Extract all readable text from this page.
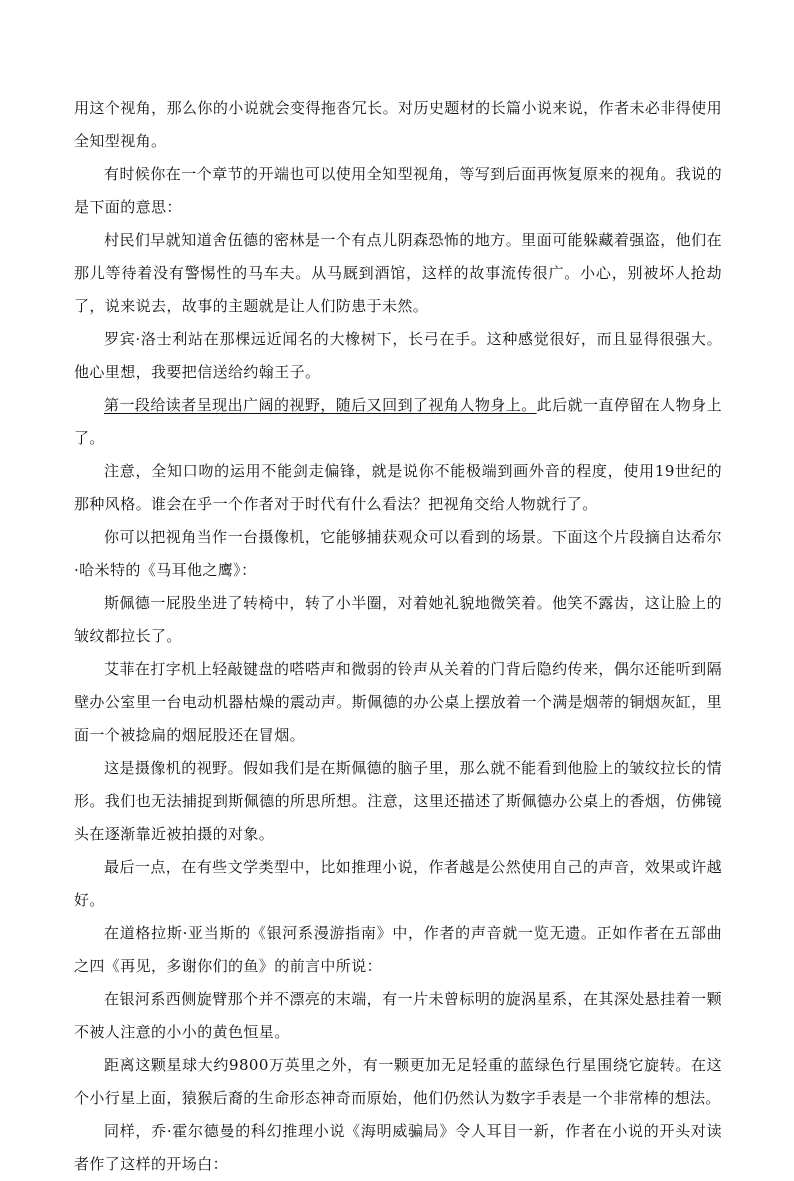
用这个视角，那么你的小说就会变得拖沓冗长。对历史题材的长篇小说来说，作者未必非得使用全知型视角。

有时候你在一个章节的开端也可以使用全知型视角，等写到后面再恢复原来的视角。我说的是下面的意思：

村民们早就知道舍伍德的密林是一个有点儿阴森恐怖的地方。里面可能躲藏着强盗，他们在那儿等待着没有警惕性的马车夫。从马厩到酒馆，这样的故事流传很广。小心，别被坏人抢劫了，说来说去，故事的主题就是让人们防患于未然。

罗宾·洛士利站在那棵远近闻名的大橡树下，长弓在手。这种感觉很好，而且显得很强大。他心里想，我要把信送给约翰王子。

第一段给读者呈现出广阔的视野，随后又回到了视角人物身上。此后就一直停留在人物身上了。

注意，全知口吻的运用不能剑走偏锋，就是说你不能极端到画外音的程度，使用19世纪的那种风格。谁会在乎一个作者对于时代有什么看法？把视角交给人物就行了。

你可以把视角当作一台摄像机，它能够捕获观众可以看到的场景。下面这个片段摘自达希尔·哈米特的《马耳他之鹰》：

斯佩德一屁股坐进了转椅中，转了小半圈，对着她礼貌地微笑着。他笑不露齿，这让脸上的皱纹都拉长了。

艾菲在打字机上轻敲键盘的嗒嗒声和微弱的铃声从关着的门背后隐约传来，偶尔还能听到隔壁办公室里一台电动机器枯燥的震动声。斯佩德的办公桌上摆放着一个满是烟蒂的铜烟灰缸，里面一个被捻扁的烟屁股还在冒烟。

这是摄像机的视野。假如我们是在斯佩德的脑子里，那么就不能看到他脸上的皱纹拉长的情形。我们也无法捕捉到斯佩德的所思所想。注意，这里还描述了斯佩德办公桌上的香烟，仿佛镜头在逐渐靠近被拍摄的对象。

最后一点，在有些文学类型中，比如推理小说，作者越是公然使用自己的声音，效果或许越好。

在道格拉斯·亚当斯的《银河系漫游指南》中，作者的声音就一览无遗。正如作者在五部曲之四《再见，多谢你们的鱼》的前言中所说：

在银河系西侧旋臂那个并不漂亮的末端，有一片未曾标明的旋涡星系，在其深处悬挂着一颗不被人注意的小小的黄色恒星。

距离这颗星球大约9800万英里之外，有一颗更加无足轻重的蓝绿色行星围绕它旋转。在这个小行星上面，猿猴后裔的生命形态神奇而原始，他们仍然认为数字手表是一个非常棒的想法。

同样，乔·霍尔德曼的科幻推理小说《海明威骗局》令人耳目一新，作者在小说的开头对读者作了这样的开场白：
